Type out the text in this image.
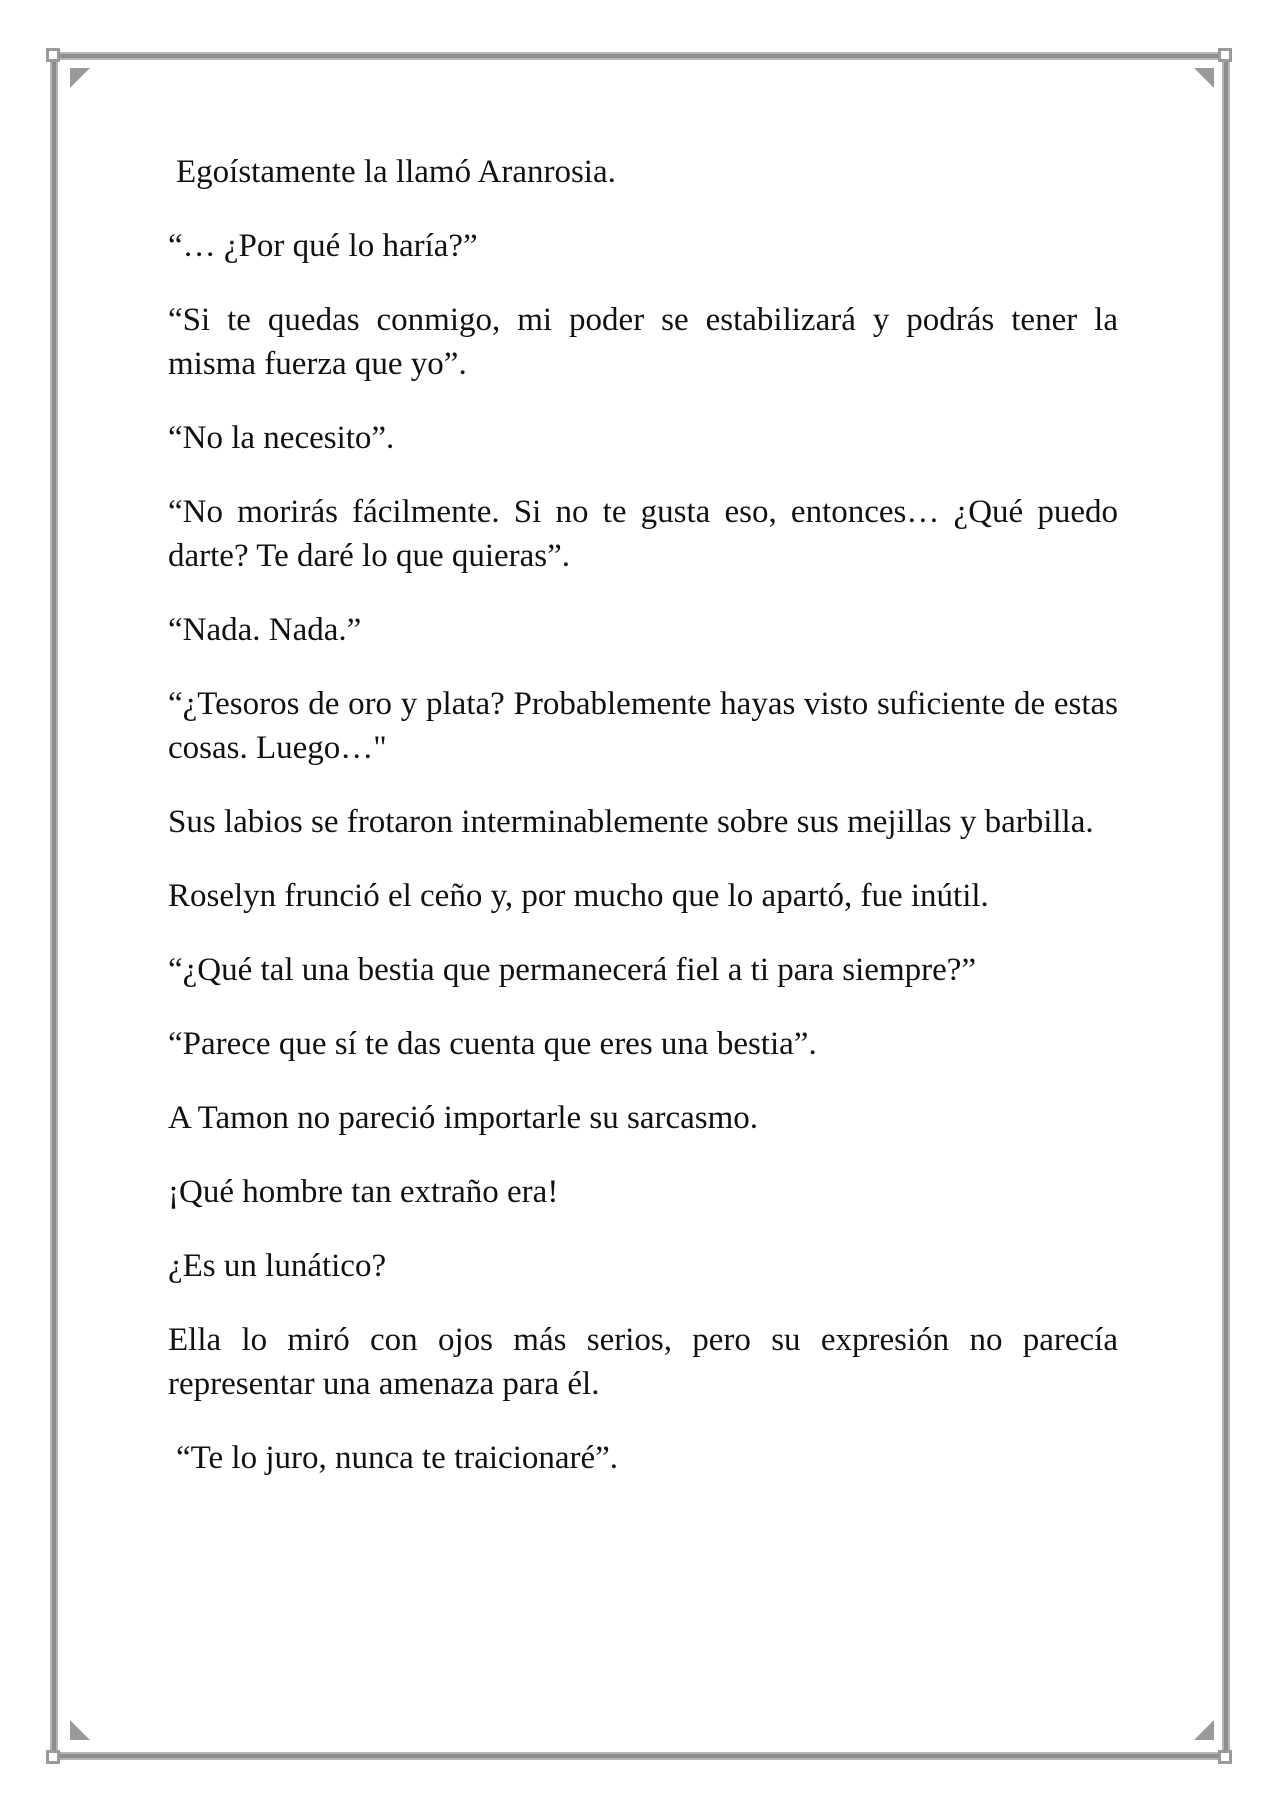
Egoístamente la llamó Aranrosia.

“… ¿Por qué lo haría?”

“Si te quedas conmigo, mi poder se estabilizará y podrás tener la misma fuerza que yo”.

“No la necesito”.

“No morirás fácilmente. Si no te gusta eso, entonces… ¿Qué puedo darte? Te daré lo que quieras”.

“Nada. Nada.”

“¿Tesoros de oro y plata? Probablemente hayas visto suficiente de estas cosas. Luego…"

Sus labios se frotaron interminablemente sobre sus mejillas y barbilla.

Roselyn frunció el ceño y, por mucho que lo apartó, fue inútil.

“¿Qué tal una bestia que permanecerá fiel a ti para siempre?”

“Parece que sí te das cuenta que eres una bestia”.

A Tamon no pareció importarle su sarcasmo.

¡Qué hombre tan extraño era!

¿Es un lunático?

Ella lo miró con ojos más serios, pero su expresión no parecía representar una amenaza para él.

“Te lo juro, nunca te traicionaré”.
